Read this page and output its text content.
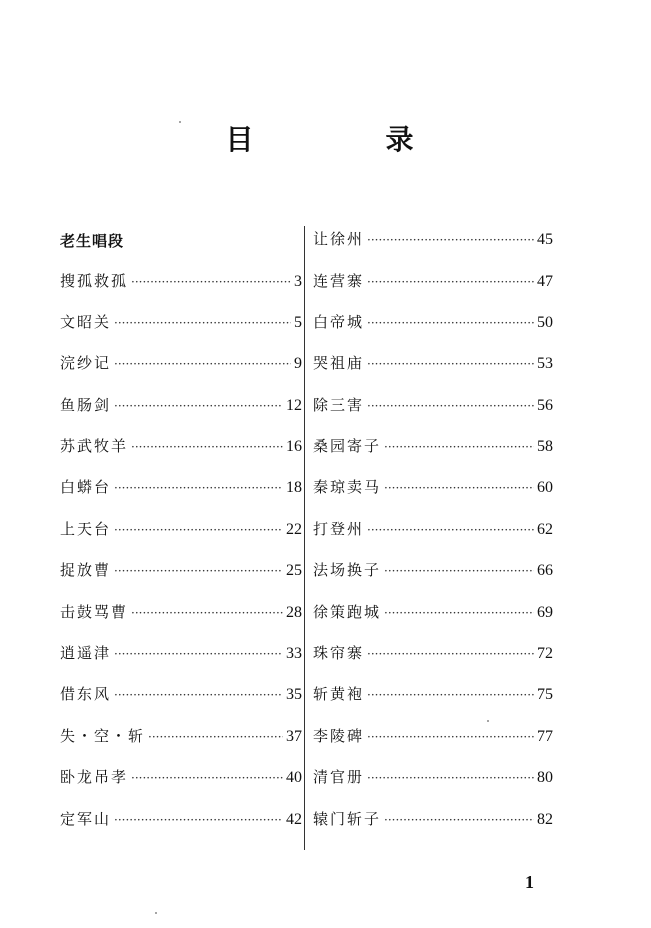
目　录
老生唱段
搜孤救孤 ·····	3
文昭关 ·····	5
浣纱记 ·····	9
鱼肠剑 ·····	12
苏武牧羊 ·····	16
白蟒台 ·····	18
上天台 ·····	22
捉放曹 ·····	25
击鼓骂曹 ·····	28
逍遥津 ·····	33
借东风 ·····	35
失・空・斩 ·····	37
卧龙吊孝 ·····	40
定军山 ·····	42
让徐州 ·····	45
连营寨 ·····	47
白帝城 ·····	50
哭祖庙 ·····	53
除三害 ·····	56
桑园寄子 ·····	58
秦琼卖马 ·····	60
打登州 ·····	62
法场换子 ·····	66
徐策跑城 ·····	69
珠帘寨 ·····	72
斩黄袍 ·····	75
李陵碑 ·····	77
清官册 ·····	80
辕门斩子 ·····	82
1
